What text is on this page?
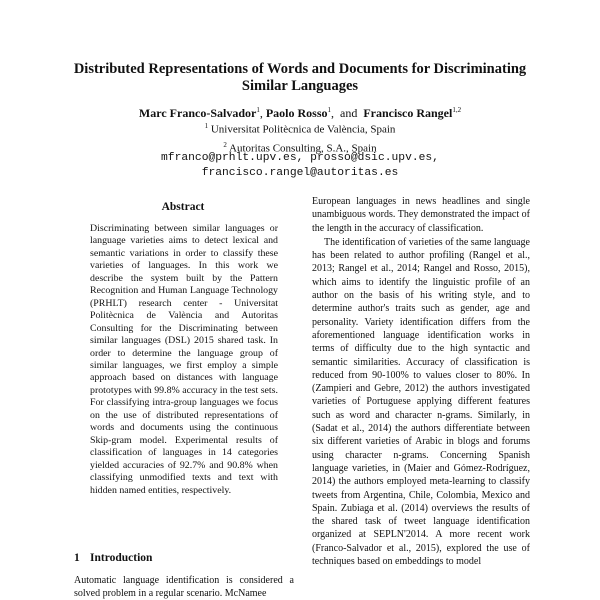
Distributed Representations of Words and Documents for Discriminating Similar Languages
Marc Franco-Salvador$^1$, Paolo Rosso$^1$,  and  Francisco Rangel$^{1,2}$
$^1$ Universitat Politècnica de València, Spain
$^2$ Autoritas Consulting, S.A., Spain
mfranco@prhlt.upv.es, prosso@dsic.upv.es,
francisco.rangel@autoritas.es
Abstract

Discriminating between similar languages or language varieties aims to detect lexical and semantic variations in order to classify these varieties of languages. In this work we describe the system built by the Pattern Recognition and Human Language Technology (PRHLT) research center - Universitat Politècnica de València and Autoritas Consulting for the Discriminating between similar languages (DSL) 2015 shared task. In order to determine the language group of similar languages, we first employ a simple approach based on distances with language prototypes with 99.8% accuracy in the test sets. For classifying intra-group languages we focus on the use of distributed representations of words and documents using the continuous Skip-gram model. Experimental results of classification of languages in 14 categories yielded accuracies of 92.7% and 90.8% when classifying unmodified texts and text with hidden named entities, respectively.

1 Introduction

Automatic language identification is considered a solved problem in a regular scenario. McNamee

European languages in news headlines and single unambiguous words. They demonstrated the impact of the length in the accuracy of classification.

The identification of varieties of the same language has been related to author profiling (Rangel et al., 2013; Rangel et al., 2014; Rangel and Rosso, 2015), which aims to identify the linguistic profile of an author on the basis of his writing style, and to determine author's traits such as gender, age and personality. Variety identification differs from the aforementioned language identification works in terms of difficulty due to the high syntactic and semantic similarities. Accuracy of classification is reduced from 90-100% to values closer to 80%. In (Zampieri and Gebre, 2012) the authors investigated varieties of Portuguese applying different features such as word and character n-grams. Similarly, in (Sadat et al., 2014) the authors differentiate between six different varieties of Arabic in blogs and forums using character n-grams. Concerning Spanish language varieties, in (Maier and Gómez-Rodríguez, 2014) the authors employed meta-learning to classify tweets from Argentina, Chile, Colombia, Mexico and Spain. Zubiaga et al. (2014) overviews the results of the shared task of tweet language identification organized at SEPLN'2014. A more recent work (Franco-Salvador et al., 2015), explored the use of techniques based on embeddings to model
